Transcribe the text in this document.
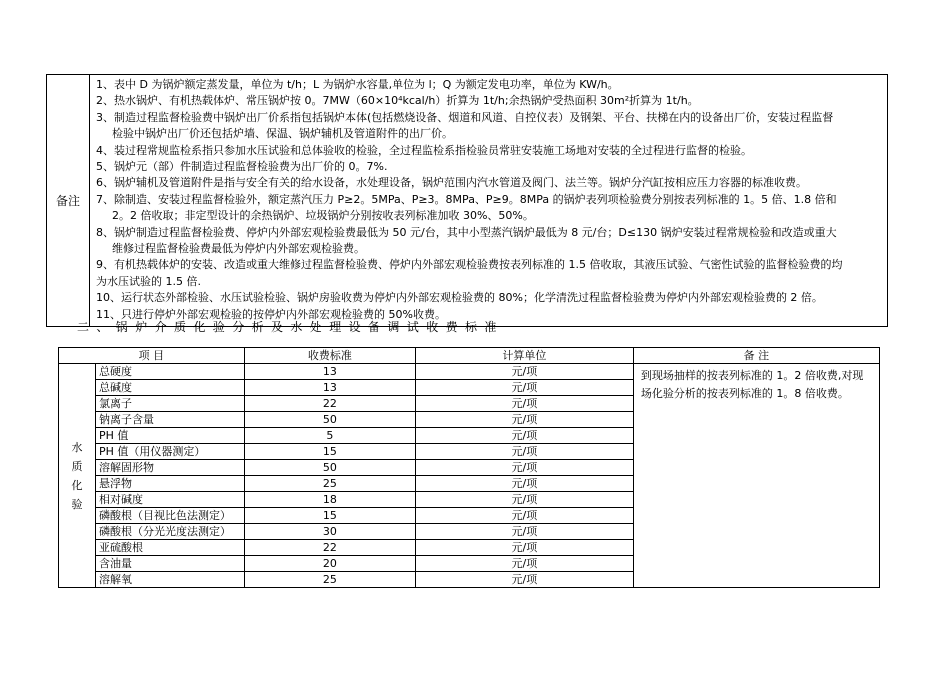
备注	
1、表中 D 为锅炉额定蒸发量，单位为 t/h；L 为锅炉水容量,单位为 l；Q 为额定发电功率，单位为 KW/h。
2、热水锅炉、有机热载体炉、常压锅炉按 0。7MW（60×10⁴kcal/h）折算为 1t/h;余热锅炉受热面积 30m²折算为 1t/h。
3、制造过程监督检验费中锅炉出厂价系指包括锅炉本体(包括燃烧设备、烟道和风道、自控仪表）及钢架、平台、扶梯在内的设备出厂价，安装过程监督
检验中锅炉出厂价还包括炉墙、保温、锅炉辅机及管道附件的出厂价。
4、装过程常规监检系指只参加水压试验和总体验收的检验，全过程监检系指检验员常驻安装施工场地对安装的全过程进行监督的检验。
5、锅炉元（部）件制造过程监督检验费为出厂价的 0。7%.
6、锅炉辅机及管道附件是指与安全有关的给水设备，水处理设备，锅炉范围内汽水管道及阀门、法兰等。锅炉分汽缸按相应压力容器的标准收费。
7、除制造、安装过程监督检验外，额定蒸汽压力 P≥2。5MPa、P≥3。8MPa、P≥9。8MPa 的锅炉表列项检验费分别按表列标准的 1。5 倍、1.8 倍和
2。2 倍收取；非定型设计的余热锅炉、垃圾锅炉分别按收表列标准加收 30%、50%。
8、锅炉制造过程监督检验费、停炉内外部宏观检验费最低为 50 元/台，其中小型蒸汽锅炉最低为 8 元/台；D≤130 锅炉安装过程常规检验和改造或重大
维修过程监督检验费最低为停炉内外部宏观检验费。
9、有机热载体炉的安装、改造或重大维修过程监督检验费、停炉内外部宏观检验费按表列标准的 1.5 倍收取，其液压试验、气密性试验的监督检验费的均
为水压试验的 1.5 倍.
10、运行状态外部检验、水压试验检验、锅炉房验收费为停炉内外部宏观检验费的 80%；化学清洗过程监督检验费为停炉内外部宏观检验费的 2 倍。
11、只进行停炉外部宏观检验的按停炉内外部宏观检验费的 50%收费。
二、锅炉介质化验分析及水处理设备调试收费标准
项 目		收费标准	计算单位	备 注

水
质
化
验	总硬度	13	元/项	到现场抽样的按表列标准的 1。2 倍收费,对现场化验分析的按表列标准的 1。8 倍收费。
	总碱度	13	元/项	
	氯离子	22	元/项	
	钠离子含量	50	元/项	
	PH 值	5	元/项	
	PH 值（用仪器测定）	15	元/项	
	溶解固形物	50	元/项	
	悬浮物	25	元/项	
	相对碱度	18	元/项	
	磷酸根（目视比色法测定）	15	元/项	
	磷酸根（分光光度法测定）	30	元/项	
	亚硫酸根	22	元/项	
	含油量	20	元/项	
	溶解氧	25	元/项	
